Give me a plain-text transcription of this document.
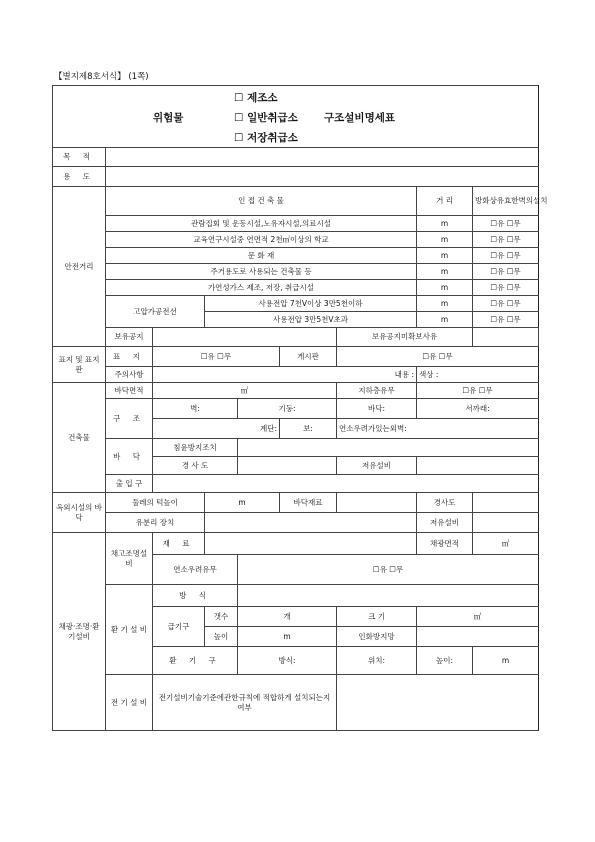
【별지제8호서식】 (1쪽)
☐ 제조소
위험물 ☐ 일반취급소 구조설비명세표
☐ 저장취급소								

목 적								
용 도								
안전거리	인 접 건 축 물						거 리	방화상유효한벽의설치
	관람집회 및 운동시설,노유자시설,의료시설						m	☐유 ☐무
	교육연구시설중 연면적 2천㎡이상의 학교						m	☐유 ☐무
	문 화 재						m	☐유 ☐무
	주거용도로 사용되는 건축물 등						m	☐유 ☐무
	가연성가스 제조, 저장, 취급시설						m	☐유 ☐무
	고압가공전선		사용전압 7천V이상 3만5천이하				m	☐유 ☐무
			사용전압 3만5천V초과				m	☐유 ☐무
	보유공지					보유공지미확보사유		
표지 및 표지판	표 지	☐유 ☐무			게시판	☐유 ☐무		
	주의사항	내용 :					색상 :	
건축물	바닥면적	㎡				지하층유무	☐유 ☐무	
	구 조	벽:		기둥:		바닥:	서까래:	
		계단:			보:	연소우려가있는외벽:		
	바 닥	침윤방지조치						
		경 사 도				저유설비		
	출 입 구							
옥외시설의 바닥	둘레의 턱높이		m		바닥재료		경사도	
	유분리 장치						저유설비	
채광·조명·환기설비	채고조명설비	재 료					채광면적	㎡
		연소우려유무		☐유 ☐무				
	환 기 설 비	방 식						
		급기구	갯수	개		크 기	㎡	
			높이	m		인화방지망		
		환 기 구		방식:		위치:	높이:	m
	전 기 설 비	전기설비기술기준에관한규칙에 적합하게 설치되는지 여부						
